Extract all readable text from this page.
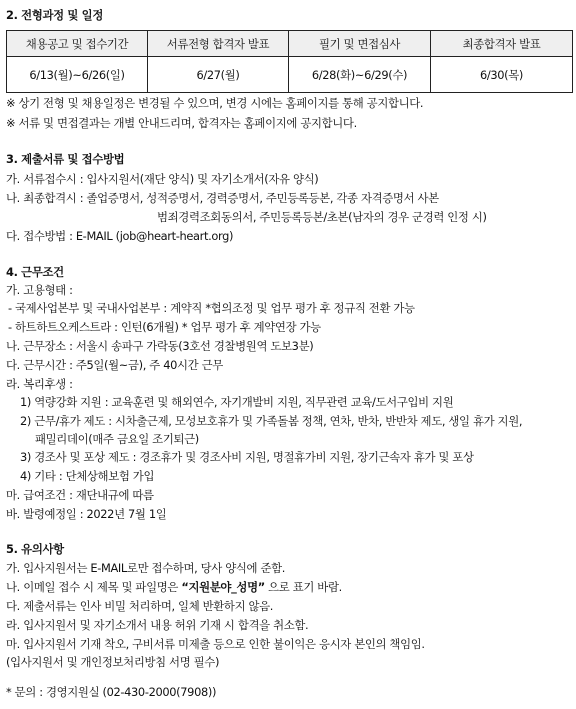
2. 전형과정 및 일정
채용공고 및 접수기간	서류전형 합격자 발표	필기 및 면접심사	최종합격자 발표
6/13(월)~6/26(일)	6/27(월)	6/28(화)~6/29(수)	6/30(목)
※ 상기 전형 및 채용일정은 변경될 수 있으며, 변경 시에는 홈페이지를 통해 공지합니다.
※ 서류 및 면접결과는 개별 안내드리며, 합격자는 홈페이지에 공지합니다.
3. 제출서류 및 접수방법
가. 서류접수시 : 입사지원서(재단 양식) 및 자기소개서(자유 양식)
나. 최종합격시 : 졸업증명서, 성적증명서, 경력증명서, 주민등록등본, 각종 자격증명서 사본
범죄경력조회동의서, 주민등록등본/초본(남자의 경우 군경력 인정 시)
다. 접수방법 : E-MAIL (job@heart-heart.org)
4. 근무조건
가. 고용형태 :
- 국제사업본부 및 국내사업본부 : 계약직 *협의조정 및 업무 평가 후 정규직 전환 가능
- 하트하트오케스트라 : 인턴(6개월) * 업무 평가 후 계약연장 가능
나. 근무장소 : 서울시 송파구 가락동(3호선 경찰병원역 도보3분)
다. 근무시간 : 주5일(월~금), 주 40시간 근무
라. 복리후생 :
1) 역량강화 지원 : 교육훈련 및 해외연수, 자기개발비 지원, 직무관련 교육/도서구입비 지원
2) 근무/휴가 제도 : 시차출근제, 모성보호휴가 및 가족돌봄 정책, 연차, 반차, 반반차 제도, 생일 휴가 지원,
패밀리데이(매주 금요일 조기퇴근)
3) 경조사 및 포상 제도 : 경조휴가 및 경조사비 지원, 명절휴가비 지원, 장기근속자 휴가 및 포상
4) 기타 : 단체상해보험 가입
마. 급여조건 : 재단내규에 따름
바. 발령예정일 : 2022년 7월 1일
5. 유의사항
가. 입사지원서는 E-MAIL로만 접수하며, 당사 양식에 준함.
나. 이메일 접수 시 제목 및 파일명은 “지원분야_성명” 으로 표기 바람.
다. 제출서류는 인사 비밀 처리하며, 일체 반환하지 않음.
라. 입사지원서 및 자기소개서 내용 허위 기재 시 합격을 취소함.
마. 입사지원서 기재 착오, 구비서류 미제출 등으로 인한 불이익은 응시자 본인의 책임임.
(입사지원서 및 개인정보처리방침 서명 필수)
* 문의 : 경영지원실 (02-430-2000(7908))
